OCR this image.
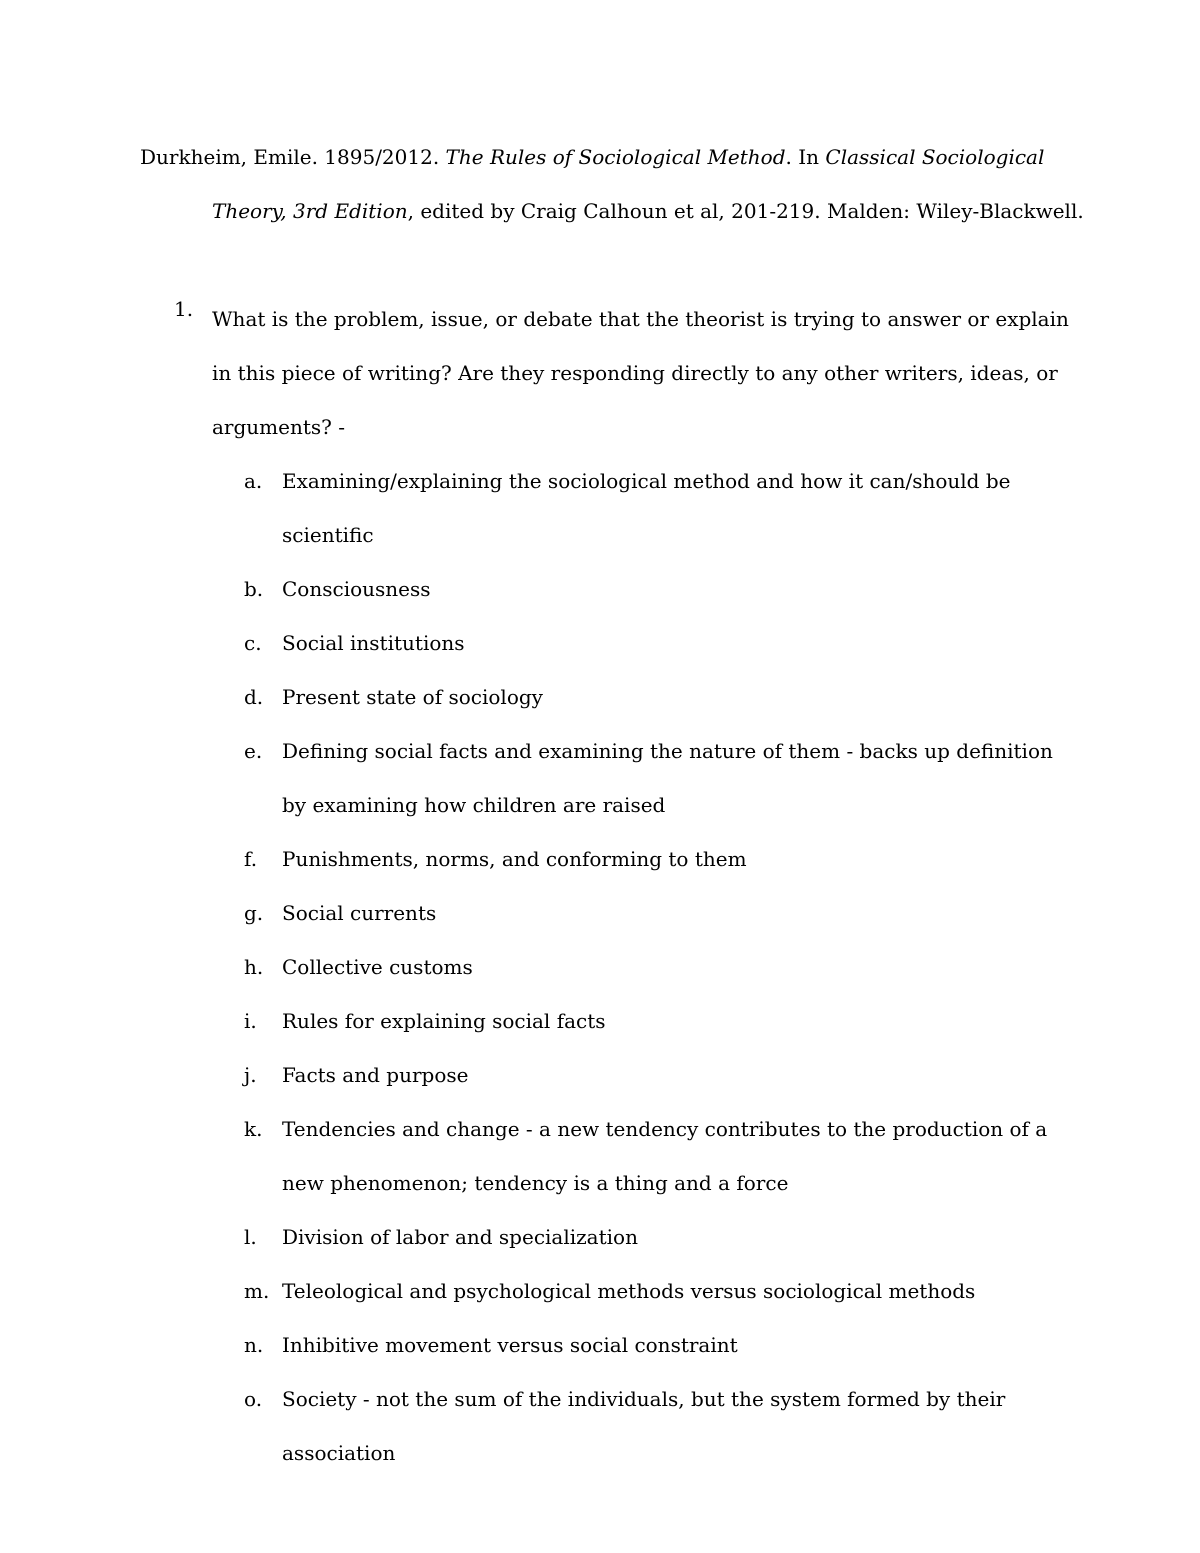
Durkheim, Emile. 1895/2012. The Rules of Sociological Method. In Classical Sociological
Theory, 3rd Edition, edited by Craig Calhoun et al, 201-219. Malden: Wiley-Blackwell.
1. What is the problem, issue, or debate that the theorist is trying to answer or explain in this piece of writing? Are they responding directly to any other writers, ideas, or arguments? -
a. Examining/explaining the sociological method and how it can/should be scientific
b. Consciousness
c. Social institutions
d. Present state of sociology
e. Defining social facts and examining the nature of them - backs up definition by examining how children are raised
f. Punishments, norms, and conforming to them
g. Social currents
h. Collective customs
i. Rules for explaining social facts
j. Facts and purpose
k. Tendencies and change - a new tendency contributes to the production of a new phenomenon; tendency is a thing and a force
l. Division of labor and specialization
m. Teleological and psychological methods versus sociological methods
n. Inhibitive movement versus social constraint
o. Society - not the sum of the individuals, but the system formed by their association
